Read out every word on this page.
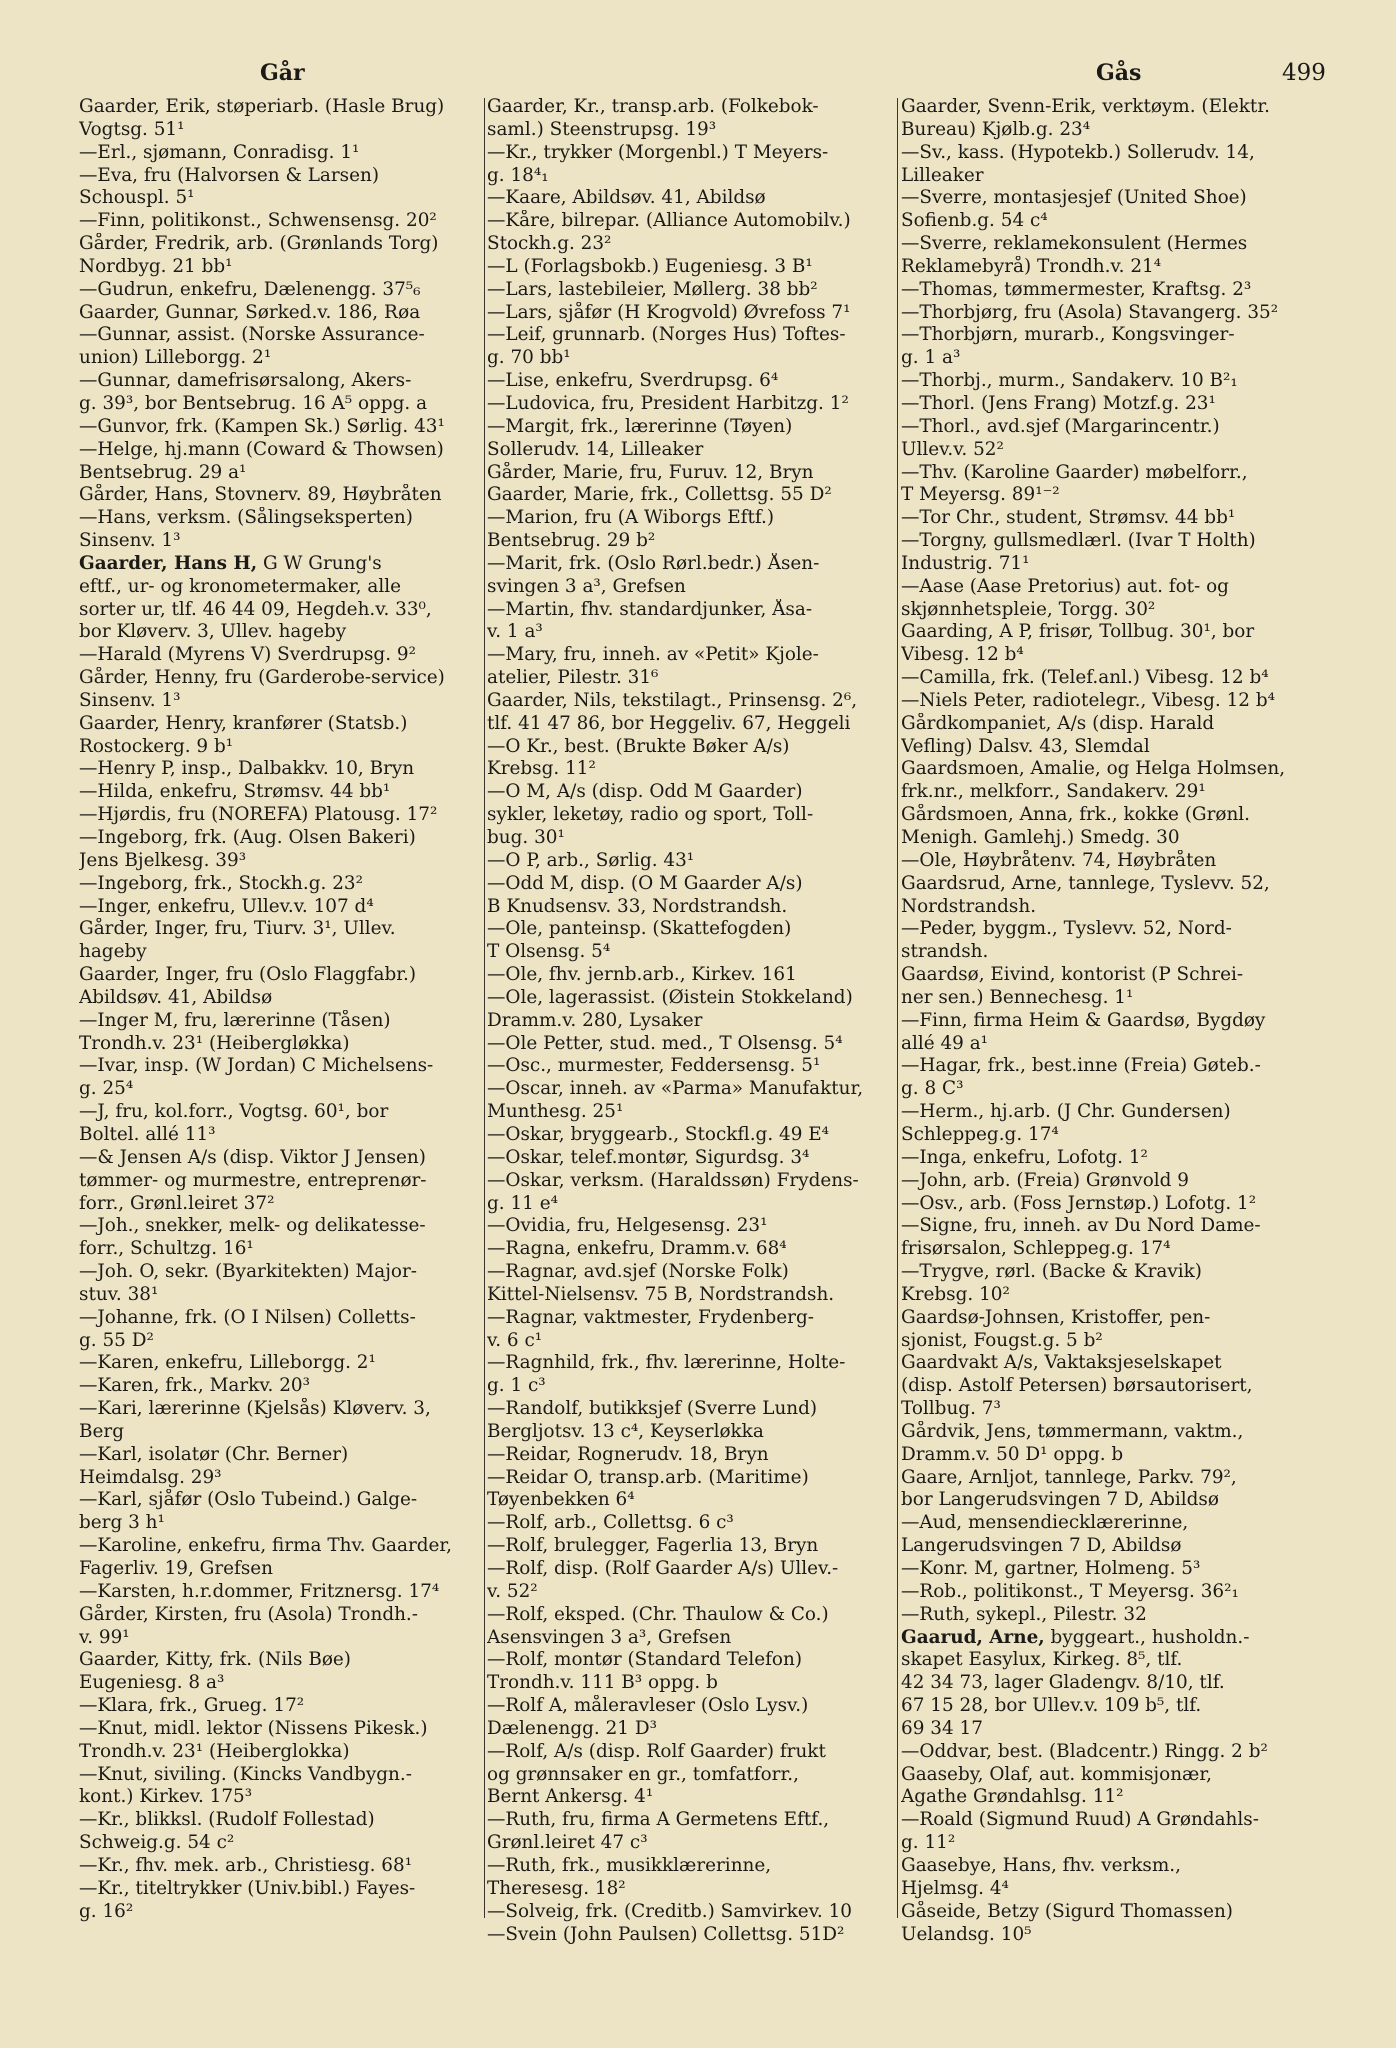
Går	Gås	499
Gaarder, Erik, støperiarb. (Hasle Brug)
Vogtsg. 51¹
—Erl., sjømann, Conradisg. 1¹
—Eva, fru (Halvorsen & Larsen)
Schouspl. 5¹
—Finn, politikonst., Schwensensg. 20²
Gårder, Fredrik, arb. (Grønlands Torg)
Nordbyg. 21 bb¹
—Gudrun, enkefru, Dælenengg. 37⁵₆
Gaarder, Gunnar, Sørked.v. 186, Røa
—Gunnar, assist. (Norske Assurance-
union) Lilleborgg. 2¹
—Gunnar, damefrisørsalong, Akers-
g. 39³, bor Bentsebrug. 16 A⁵ oppg. a
—Gunvor, frk. (Kampen Sk.) Sørlig. 43¹
—Helge, hj.mann (Coward & Thowsen)
Bentsebrug. 29 a¹
Gårder, Hans, Stovnerv. 89, Høybråten
—Hans, verksm. (Sålingseksperten)
Sinsenv. 1³
Gaarder, Hans H, G W Grung's
eftf., ur- og kronometermaker, alle
sorter ur, tlf. 46 44 09, Hegdeh.v. 33⁰,
bor Kløverv. 3, Ullev. hageby
—Harald (Myrens V) Sverdrupsg. 9²
Gårder, Henny, fru (Garderobe-service)
Sinsenv. 1³
Gaarder, Henry, kranfører (Statsb.)
Rostockerg. 9 b¹
—Henry P, insp., Dalbakkv. 10, Bryn
—Hilda, enkefru, Strømsv. 44 bb¹
—Hjørdis, fru (NOREFA) Platousg. 17²
—Ingeborg, frk. (Aug. Olsen Bakeri)
Jens Bjelkesg. 39³
—Ingeborg, frk., Stockh.g. 23²
—Inger, enkefru, Ullev.v. 107 d⁴
Gårder, Inger, fru, Tiurv. 3¹, Ullev.
hageby
Gaarder, Inger, fru (Oslo Flaggfabr.)
Abildsøv. 41, Abildsø
—Inger M, fru, lærerinne (Tåsen)
Trondh.v. 23¹ (Heibergløkka)
—Ivar, insp. (W Jordan) C Michelsens-
g. 25⁴
—J, fru, kol.forr., Vogtsg. 60¹, bor
Boltel. allé 11³
—& Jensen A/s (disp. Viktor J Jensen)
tømmer- og murmestre, entreprenør-
forr., Grønl.leiret 37²
—Joh., snekker, melk- og delikatesse-
forr., Schultzg. 16¹
—Joh. O, sekr. (Byarkitekten) Major-
stuv. 38¹
—Johanne, frk. (O I Nilsen) Colletts-
g. 55 D²
—Karen, enkefru, Lilleborgg. 2¹
—Karen, frk., Markv. 20³
—Kari, lærerinne (Kjelsås) Kløverv. 3,
Berg
—Karl, isolatør (Chr. Berner)
Heimdalsg. 29³
—Karl, sjåfør (Oslo Tubeind.) Galge-
berg 3 h¹
—Karoline, enkefru, firma Thv. Gaarder,
Fagerliv. 19, Grefsen
—Karsten, h.r.dommer, Fritznersg. 17⁴
Gårder, Kirsten, fru (Asola) Trondh.-
v. 99¹
Gaarder, Kitty, frk. (Nils Bøe)
Eugeniesg. 8 a³
—Klara, frk., Grueg. 17²
—Knut, midl. lektor (Nissens Pikesk.)
Trondh.v. 23¹ (Heiberglokka)
—Knut, siviling. (Kincks Vandbygn.-
kont.) Kirkev. 175³
—Kr., blikksl. (Rudolf Follestad)
Schweig.g. 54 c²
—Kr., fhv. mek. arb., Christiesg. 68¹
—Kr., titeltrykker (Univ.bibl.) Fayes-
g. 16²
Gaarder, Kr., transp.arb. (Folkebok-
saml.) Steenstrupsg. 19³
—Kr., trykker (Morgenbl.) T Meyers-
g. 18⁴₁
—Kaare, Abildsøv. 41, Abildsø
—Kåre, bilrepar. (Alliance Automobilv.)
Stockh.g. 23²
—L (Forlagsbokb.) Eugeniesg. 3 B¹
—Lars, lastebileier, Møllerg. 38 bb²
—Lars, sjåfør (H Krogvold) Øvrefoss 7¹
—Leif, grunnarb. (Norges Hus) Toftes-
g. 70 bb¹
—Lise, enkefru, Sverdrupsg. 6⁴
—Ludovica, fru, President Harbitzg. 1²
—Margit, frk., lærerinne (Tøyen)
Sollerudv. 14, Lilleaker
Gårder, Marie, fru, Furuv. 12, Bryn
Gaarder, Marie, frk., Collettsg. 55 D²
—Marion, fru (A Wiborgs Eftf.)
Bentsebrug. 29 b²
—Marit, frk. (Oslo Rørl.bedr.) Åsen-
svingen 3 a³, Grefsen
—Martin, fhv. standardjunker, Åsa-
v. 1 a³
—Mary, fru, inneh. av «Petit» Kjole-
atelier, Pilestr. 31⁶
Gaarder, Nils, tekstilagt., Prinsensg. 2⁶,
tlf. 41 47 86, bor Heggeliv. 67, Heggeli
—O Kr., best. (Brukte Bøker A/s)
Krebsg. 11²
—O M, A/s (disp. Odd M Gaarder)
sykler, leketøy, radio og sport, Toll-
bug. 30¹
—O P, arb., Sørlig. 43¹
—Odd M, disp. (O M Gaarder A/s)
B Knudsensv. 33, Nordstrandsh.
—Ole, panteinsp. (Skattefogden)
T Olsensg. 5⁴
—Ole, fhv. jernb.arb., Kirkev. 161
—Ole, lagerassist. (Øistein Stokkeland)
Dramm.v. 280, Lysaker
—Ole Petter, stud. med., T Olsensg. 5⁴
—Osc., murmester, Feddersensg. 5¹
—Oscar, inneh. av «Parma» Manufaktur,
Munthesg. 25¹
—Oskar, bryggearb., Stockfl.g. 49 E⁴
—Oskar, telef.montør, Sigurdsg. 3⁴
—Oskar, verksm. (Haraldssøn) Frydens-
g. 11 e⁴
—Ovidia, fru, Helgesensg. 23¹
—Ragna, enkefru, Dramm.v. 68⁴
—Ragnar, avd.sjef (Norske Folk)
Kittel-Nielsensv. 75 B, Nordstrandsh.
—Ragnar, vaktmester, Frydenberg-
v. 6 c¹
—Ragnhild, frk., fhv. lærerinne, Holte-
g. 1 c³
—Randolf, butikksjef (Sverre Lund)
Bergljotsv. 13 c⁴, Keyserløkka
—Reidar, Rognerudv. 18, Bryn
—Reidar O, transp.arb. (Maritime)
Tøyenbekken 6⁴
—Rolf, arb., Collettsg. 6 c³
—Rolf, brulegger, Fagerlia 13, Bryn
—Rolf, disp. (Rolf Gaarder A/s) Ullev.-
v. 52²
—Rolf, eksped. (Chr. Thaulow & Co.)
Asensvingen 3 a³, Grefsen
—Rolf, montør (Standard Telefon)
Trondh.v. 111 B³ oppg. b
—Rolf A, måleravleser (Oslo Lysv.)
Dælenengg. 21 D³
—Rolf, A/s (disp. Rolf Gaarder) frukt
og grønnsaker en gr., tomfatforr.,
Bernt Ankersg. 4¹
—Ruth, fru, firma A Germetens Eftf.,
Grønl.leiret 47 c³
—Ruth, frk., musikklærerinne,
Theresesg. 18²
—Solveig, frk. (Creditb.) Samvirkev. 10
—Svein (John Paulsen) Collettsg. 51D²
Gaarder, Svenn-Erik, verktøym. (Elektr.
Bureau) Kjølb.g. 23⁴
—Sv., kass. (Hypotekb.) Sollerudv. 14,
Lilleaker
—Sverre, montasjesjef (United Shoe)
Sofienb.g. 54 c⁴
—Sverre, reklamekonsulent (Hermes
Reklamebyrå) Trondh.v. 21⁴
—Thomas, tømmermester, Kraftsg. 2³
—Thorbjørg, fru (Asola) Stavangerg. 35²
—Thorbjørn, murarb., Kongsvinger-
g. 1 a³
—Thorbj., murm., Sandakerv. 10 B²₁
—Thorl. (Jens Frang) Motzf.g. 23¹
—Thorl., avd.sjef (Margarincentr.)
Ullev.v. 52²
—Thv. (Karoline Gaarder) møbelforr.,
T Meyersg. 89¹⁻²
—Tor Chr., student, Strømsv. 44 bb¹
—Torgny, gullsmedlærl. (Ivar T Holth)
Industrig. 71¹
—Aase (Aase Pretorius) aut. fot- og
skjønnhetspleie, Torgg. 30²
Gaarding, A P, frisør, Tollbug. 30¹, bor
Vibesg. 12 b⁴
—Camilla, frk. (Telef.anl.) Vibesg. 12 b⁴
—Niels Peter, radiotelegr., Vibesg. 12 b⁴
Gårdkompaniet, A/s (disp. Harald
Vefling) Dalsv. 43, Slemdal
Gaardsmoen, Amalie, og Helga Holmsen,
frk.nr., melkforr., Sandakerv. 29¹
Gårdsmoen, Anna, frk., kokke (Grønl.
Menigh. Gamlehj.) Smedg. 30
—Ole, Høybråtenv. 74, Høybråten
Gaardsrud, Arne, tannlege, Tyslevv. 52,
Nordstrandsh.
—Peder, byggm., Tyslevv. 52, Nord-
strandsh.
Gaardsø, Eivind, kontorist (P Schrei-
ner sen.) Bennechesg. 1¹
—Finn, firma Heim & Gaardsø, Bygdøy
allé 49 a¹
—Hagar, frk., best.inne (Freia) Gøteb.-
g. 8 C³
—Herm., hj.arb. (J Chr. Gundersen)
Schleppeg.g. 17⁴
—Inga, enkefru, Lofotg. 1²
—John, arb. (Freia) Grønvold 9
—Osv., arb. (Foss Jernstøp.) Lofotg. 1²
—Signe, fru, inneh. av Du Nord Dame-
frisørsalon, Schleppeg.g. 17⁴
—Trygve, rørl. (Backe & Kravik)
Krebsg. 10²
Gaardsø-Johnsen, Kristoffer, pen-
sjonist, Fougst.g. 5 b²
Gaardvakt A/s, Vaktaksjeselskapet
(disp. Astolf Petersen) børsautorisert,
Tollbug. 7³
Gårdvik, Jens, tømmermann, vaktm.,
Dramm.v. 50 D¹ oppg. b
Gaare, Arnljot, tannlege, Parkv. 79²,
bor Langerudsvingen 7 D, Abildsø
—Aud, mensendiecklærerinne,
Langerudsvingen 7 D, Abildsø
—Konr. M, gartner, Holmeng. 5³
—Rob., politikonst., T Meyersg. 36²₁
—Ruth, sykepl., Pilestr. 32
Gaarud, Arne, byggeart., husholdn.-
skapet Easylux, Kirkeg. 8⁵, tlf.
42 34 73, lager Gladengv. 8/10, tlf.
67 15 28, bor Ullev.v. 109 b⁵, tlf.
69 34 17
—Oddvar, best. (Bladcentr.) Ringg. 2 b²
Gaaseby, Olaf, aut. kommisjonær,
Agathe Grøndahlsg. 11²
—Roald (Sigmund Ruud) A Grøndahls-
g. 11²
Gaasebye, Hans, fhv. verksm.,
Hjelmsg. 4⁴
Gåseide, Betzy (Sigurd Thomassen)
Uelandsg. 10⁵
